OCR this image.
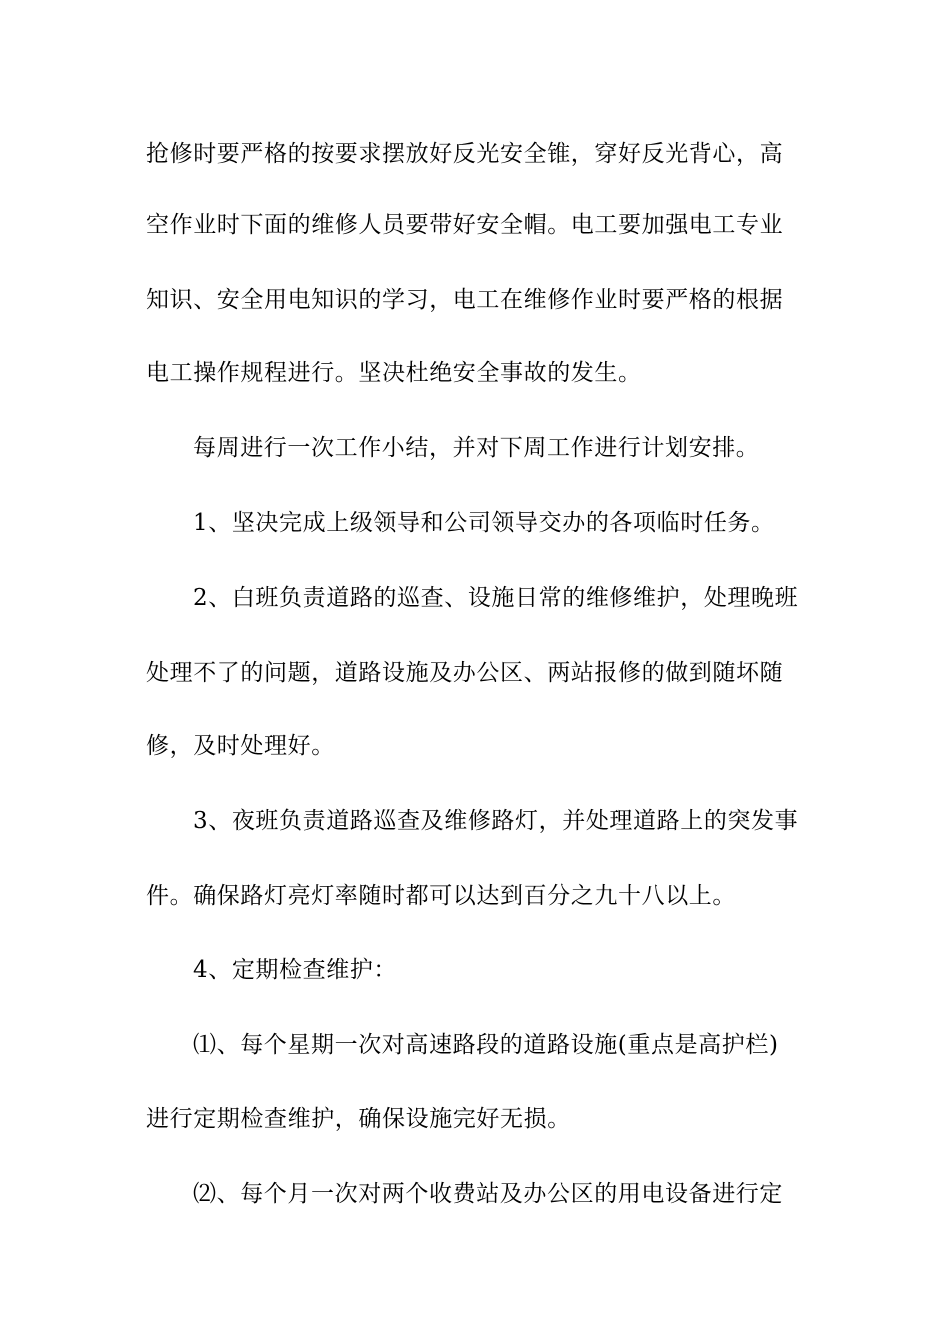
抢修时要严格的按要求摆放好反光安全锥，穿好反光背心，高
空作业时下面的维修人员要带好安全帽。电工要加强电工专业
知识、安全用电知识的学习，电工在维修作业时要严格的根据
电工操作规程进行。坚决杜绝安全事故的发生。
每周进行一次工作小结，并对下周工作进行计划安排。
1、坚决完成上级领导和公司领导交办的各项临时任务。
2、白班负责道路的巡查、设施日常的维修维护，处理晚班
处理不了的问题，道路设施及办公区、两站报修的做到随坏随
修，及时处理好。
3、夜班负责道路巡查及维修路灯，并处理道路上的突发事
件。确保路灯亮灯率随时都可以达到百分之九十八以上。
4、定期检查维护：
⑴、每个星期一次对高速路段的道路设施(重点是高护栏)
进行定期检查维护，确保设施完好无损。
⑵、每个月一次对两个收费站及办公区的用电设备进行定
